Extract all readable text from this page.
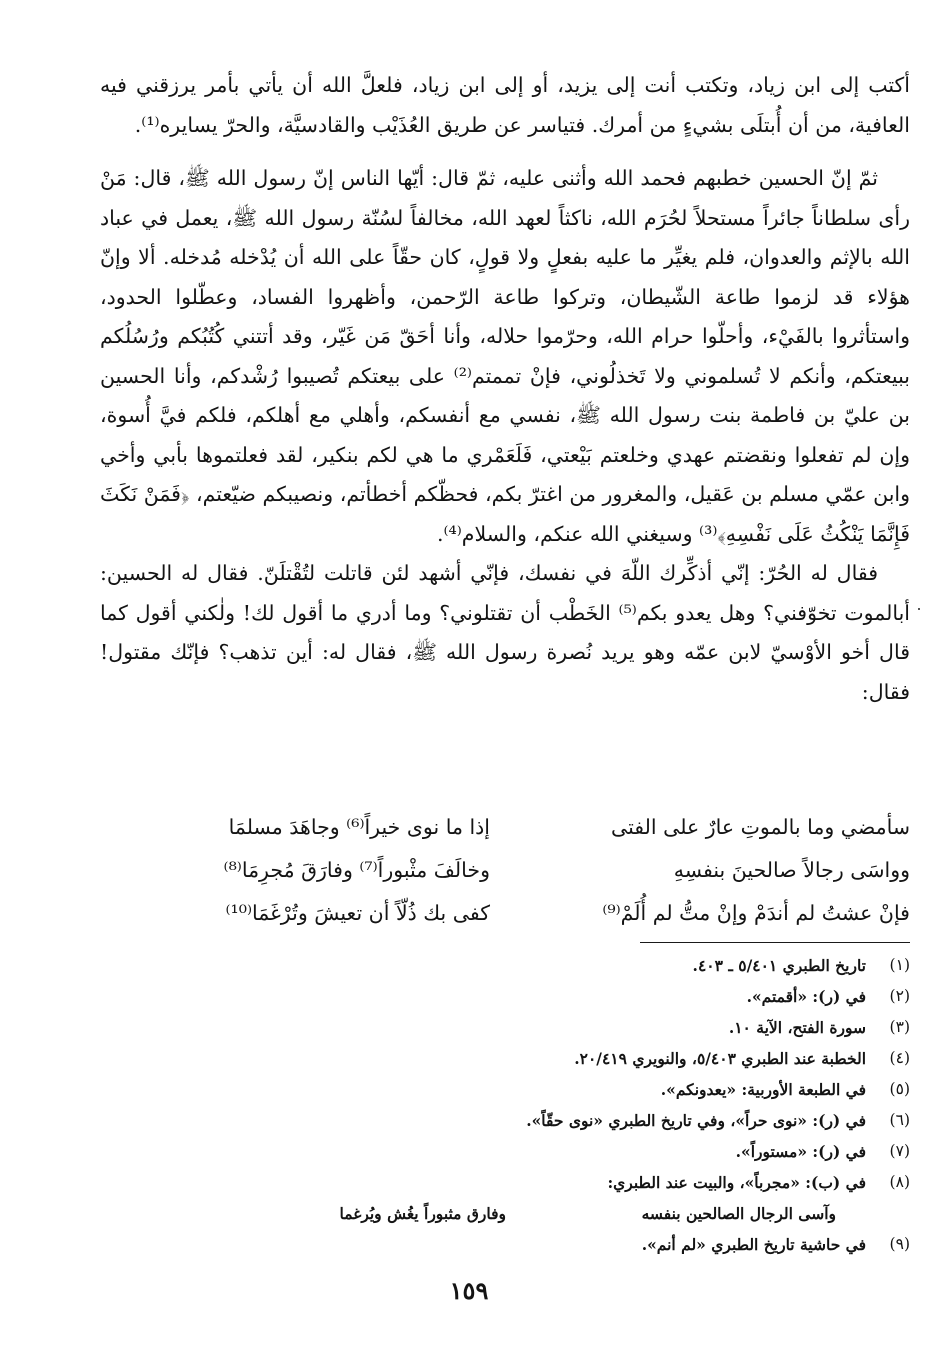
أكتب إلى ابن زياد، وتكتب أنت إلى يزيد، أو إلى ابن زياد، فلعلَّ الله أن يأتي بأمر يرزقني فيه العافية، من أن أُبتلَى بشيءٍ من أمرك. فتياسر عن طريق العُذَيْب والقادسيَّة، والحرّ يسايره⁽¹⁾.

ثمّ إنّ الحسين خطبهم فحمد الله وأثنى عليه، ثمّ قال: أيّها الناس إنّ رسول الله ﷺ، قال: مَنْ رأى سلطاناً جائراً مستحلاً لحُرَم الله، ناكثاً لعهد الله، مخالفاً لسُنّة رسول الله ﷺ، يعمل في عباد الله بالإثم والعدوان، فلم يغيِّر ما عليه بفعلٍ ولا قولٍ، كان حقّاً على الله أن يُدْخله مُدخله. ألا وإنّ هؤلاء قد لزموا طاعة الشّيطان، وتركوا طاعة الرّحمن، وأظهروا الفساد، وعطّلوا الحدود، واستأثروا بالفَيْء، وأحلّوا حرام الله، وحرّموا حلاله، وأنا أحَقّ مَن غَيّر، وقد أتتني كُتُبُكم ورُسُلُكم ببيعتكم، وأنكم لا تُسلموني ولا تَخذلُوني، فإنْ تممتم⁽²⁾ على بيعتكم تُصيبوا رُشْدكم، وأنا الحسين بن عليّ بن فاطمة بنت رسول الله ﷺ، نفسي مع أنفسكم، وأهلي مع أهلكم، فلكم فيَّ أُسوة، وإن لم تفعلوا ونقضتم عهدي وخلعتم بَيْعتي، فَلَعَمْري ما هي لكم بنكير، لقد فعلتموها بأبي وأخي وابن عمّي مسلم بن عَقيل، والمغرور من اغترّ بكم، فحظّكم أخطأتم، ونصيبكم ضيّعتم، ﴿فَمَنْ نَكَثَ فَإِنَّمَا يَنْكُثُ عَلَى نَفْسِهِ﴾⁽³⁾ وسيغني الله عنكم، والسلام⁽⁴⁾.

فقال له الحُرّ: إنّي أذكِّرك اللّهَ في نفسك، فإنّي أشهد لئن قاتلت لتُقْتلَنّ. فقال له الحسين: أبالموت تخوّفني؟ وهل يعدو بكم⁽⁵⁾ الخَطْب أن تقتلوني؟ وما أدري ما أقول لك! ولٰكني أقول كما قال أخو الأوْسيّ لابن عمّه وهو يريد نُصرة رسول الله ﷺ، فقال له: أين تذهب؟ فإنّك مقتول! فقال:

سأمضي وما بالموتِ عارٌ على الفتى
إذا ما نوى خيراً⁽⁶⁾ وجاهَدَ مسلمَا
وواسَى رجالاً صالحينَ بنفسِهِ
وخالَفَ مثْبوراً⁽⁷⁾ وفارَقَ مُجرِمَا⁽⁸⁾
فإنْ عشتُ لم أندَمْ وإنْ متُّ لم أُلَمْ⁽⁹⁾
كفى بك ذُلّاً أن تعيشَ وتُرْغَمَا⁽¹⁰⁾
(١)
تاريخ الطبري ٥/٤٠١ ـ ٤٠٣.
(٢)
في (ر): «أقمتم».
(٣)
سورة الفتح، الآية ١٠.
(٤)
الخطبة عند الطبري ٥/٤٠٣، والنويري ٢٠/٤١٩.
(٥)
في الطبعة الأوربية: «يعدونكم».
(٦)
في (ر): «نوى حراً»، وفي تاريخ الطبري «نوى حقّاً».
(٧)
في (ر): «مستوراً».
(٨)
في (ب): «مجرباً»، والبيت عند الطبري:
وآسى الرجال الصالحين بنفسه
وفارق مثبوراً يغُش ويُرغما
(٩)
في حاشية تاريخ الطبري «لم أنم».
١٥٩
